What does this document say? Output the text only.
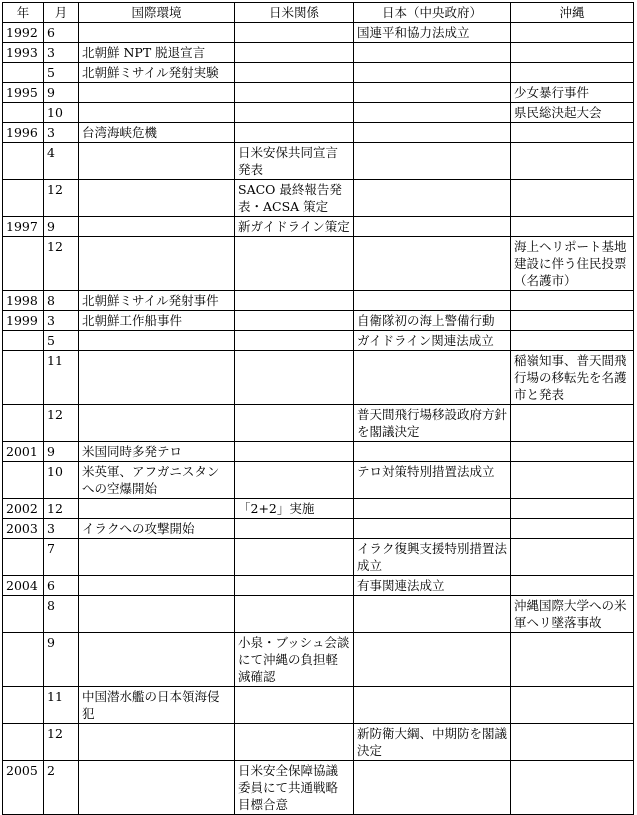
年	月	国際環境	日米関係	日本（中央政府）	沖縄
1992	6			国連平和協力法成立	
1993	3	北朝鮮 NPT 脱退宣言			
	5	北朝鮮ミサイル発射実験			
1995	9				少女暴行事件
	10				県民総決起大会
1996	3	台湾海峡危機			
	4		日米安保共同宣言発表		
	12		SACO 最終報告発表・ACSA 策定		
1997	9		新ガイドライン策定		
	12				海上ヘリポート基地建設に伴う住民投票（名護市）
1998	8	北朝鮮ミサイル発射事件			
1999	3	北朝鮮工作船事件		自衛隊初の海上警備行動	
	5			ガイドライン関連法成立	
	11				稲嶺知事、普天間飛行場の移転先を名護市と発表
	12			普天間飛行場移設政府方針を閣議決定	
2001	9	米国同時多発テロ			
	10	米英軍、アフガニスタンへの空爆開始		テロ対策特別措置法成立	
2002	12		「2+2」実施		
2003	3	イラクへの攻撃開始			
	7			イラク復興支援特別措置法成立	
2004	6			有事関連法成立	
	8				沖縄国際大学への米軍ヘリ墜落事故
	9		小泉・ブッシュ会談にて沖縄の負担軽減確認		
	11	中国潜水艦の日本領海侵犯			
	12			新防衛大綱、中期防を閣議決定	
2005	2		日米安全保障協議委員にて共通戦略目標合意		
